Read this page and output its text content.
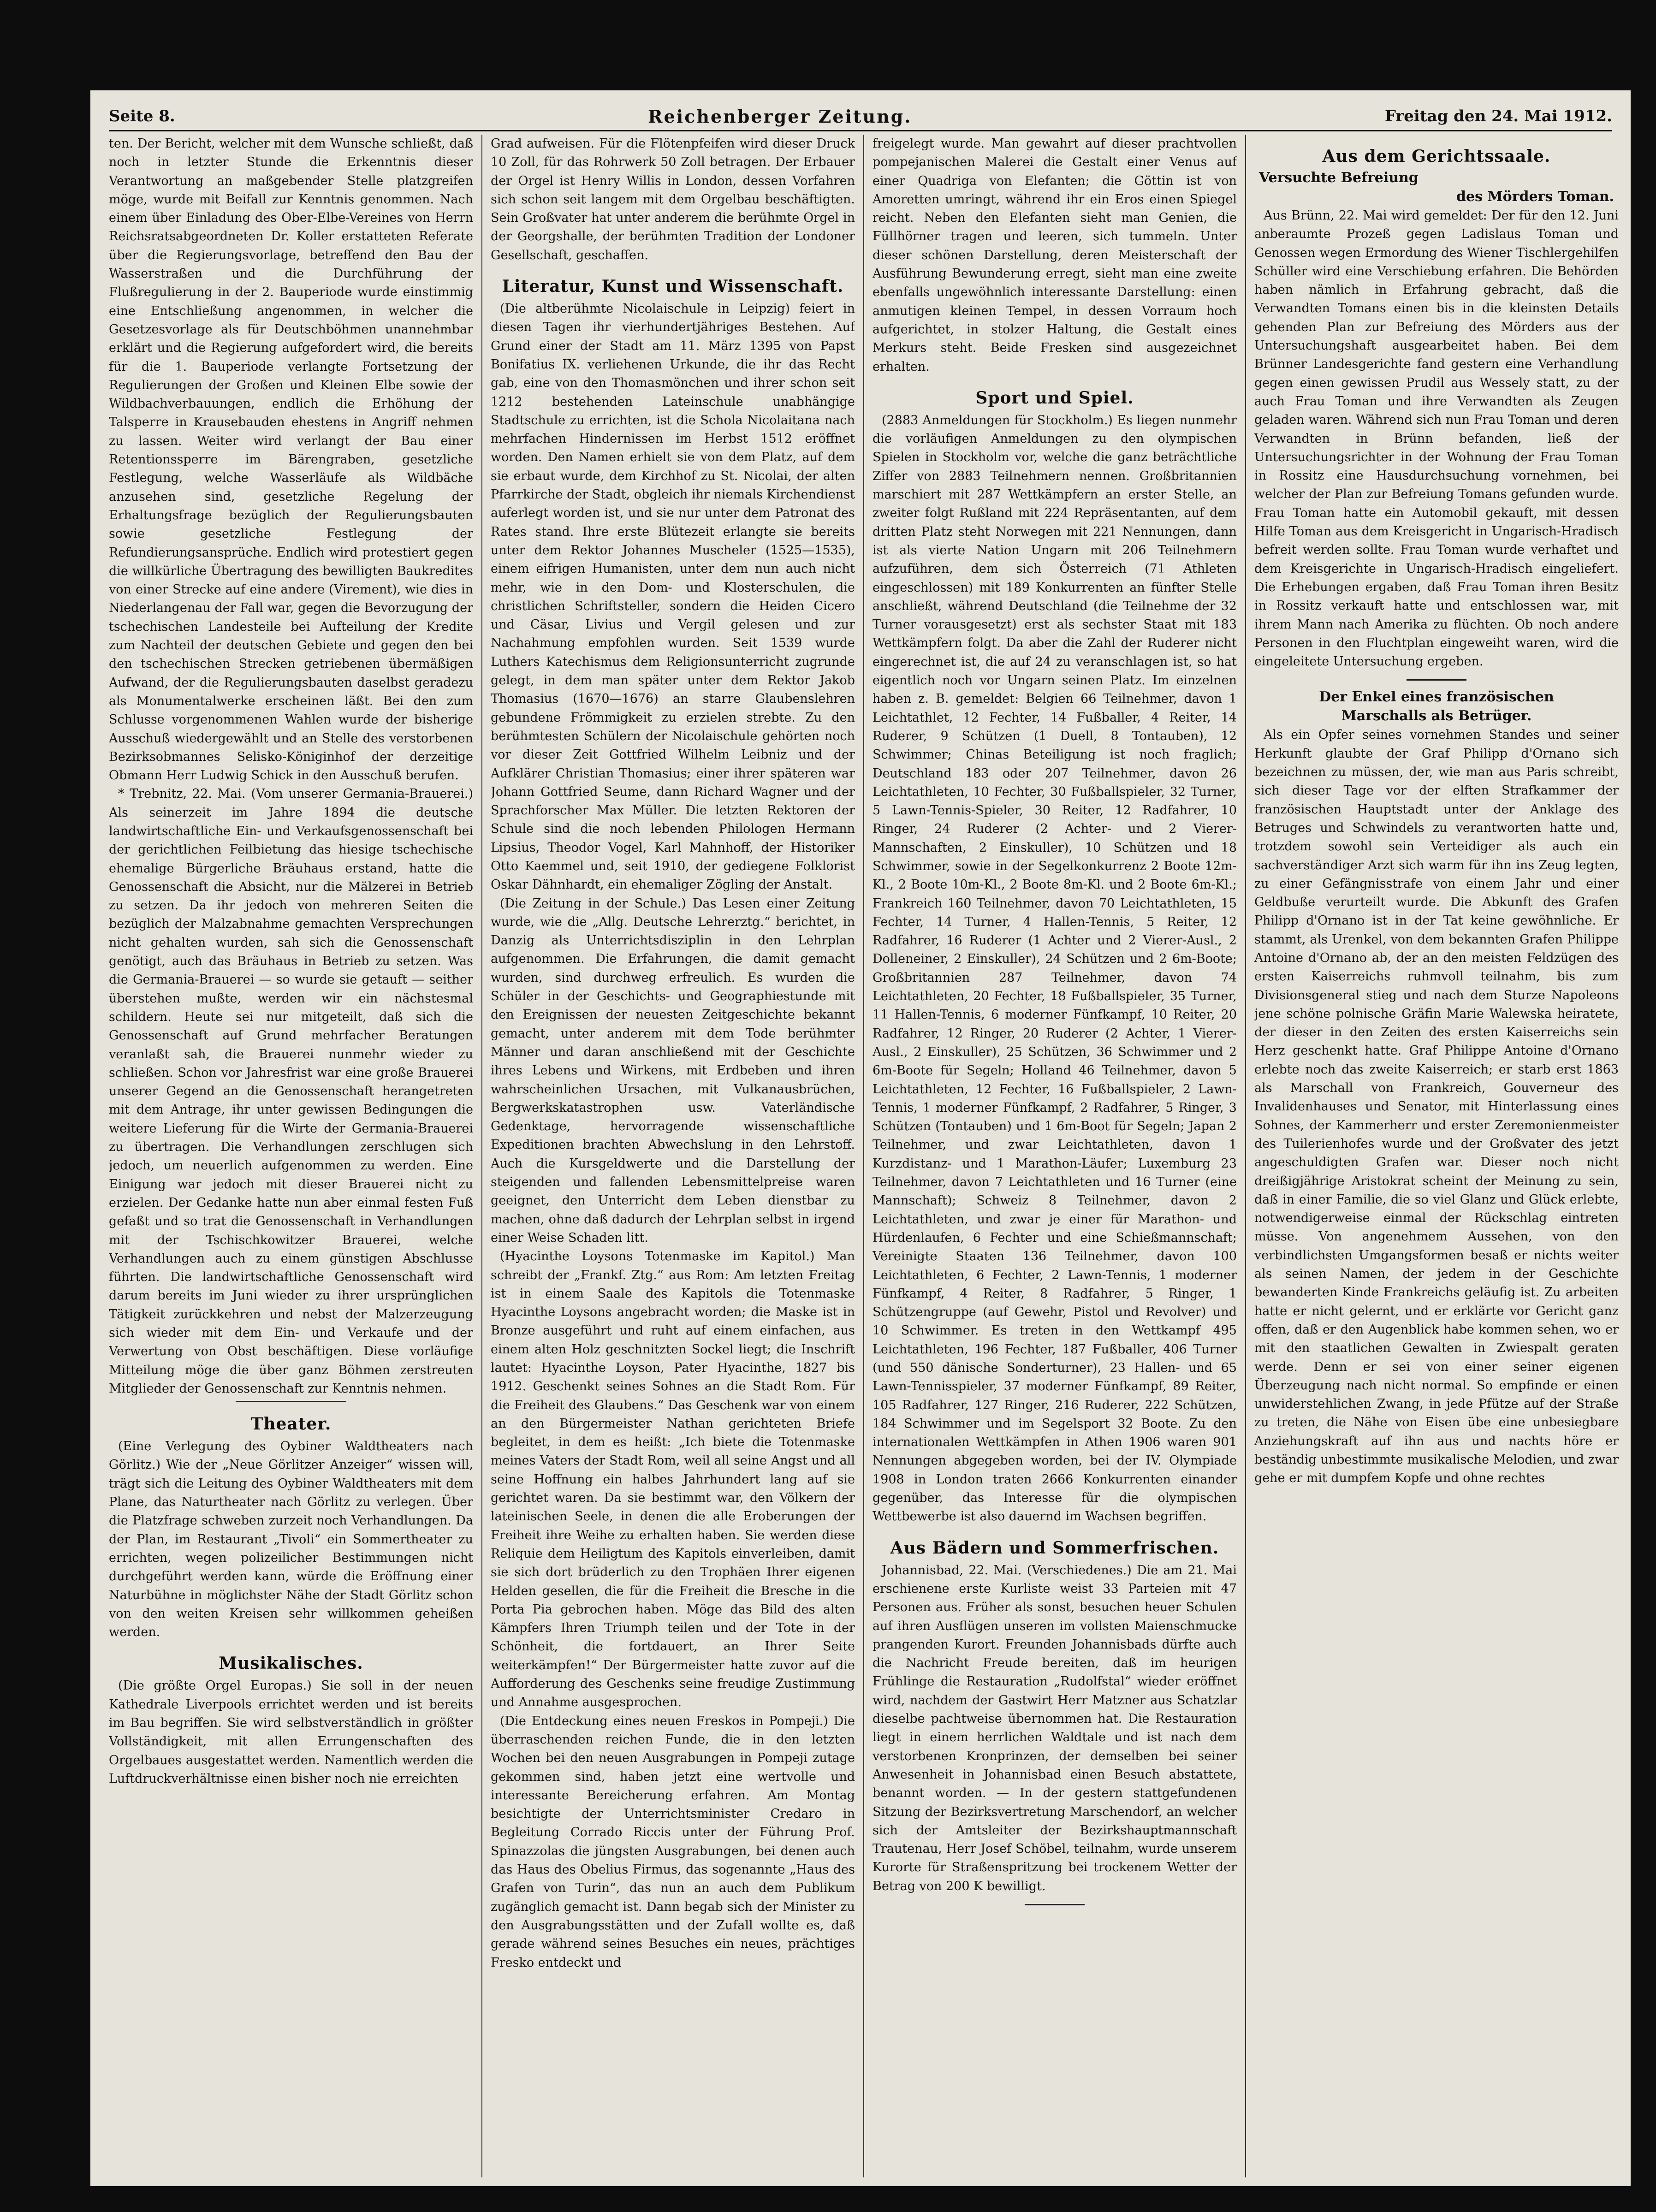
Seite 8.	Reichenberger Zeitung.	Freitag den 24. Mai 1912.

ten. Der Bericht, welcher mit dem Wunsche schließt, daß noch in letzter Stunde die Erkenntnis dieser Verantwortung an maßgebender Stelle platzgreifen möge, wurde mit Beifall zur Kenntnis genommen. Nach einem über Einladung des Ober-Elbe-Vereines von Herrn Reichsratsabgeordneten Dr. Koller erstatteten Referate über die Regierungsvorlage, betreffend den Bau der Wasserstraßen und die Durchführung der Flußregulierung in der 2. Bauperiode wurde einstimmig eine Entschließung angenommen, in welcher die Gesetzesvorlage als für Deutschböhmen unannehmbar erklärt und die Regierung aufgefordert wird, die bereits für die 1. Bauperiode verlangte Fortsetzung der Regulierungen der Großen und Kleinen Elbe sowie der Wildbachverbauungen, endlich die Erhöhung der Talsperre in Krausebauden ehestens in Angriff nehmen zu lassen. Weiter wird verlangt der Bau einer Retentionssperre im Bärengraben, gesetzliche Festlegung, welche Wasserläufe als Wildbäche anzusehen sind, gesetzliche Regelung der Erhaltungsfrage bezüglich der Regulierungsbauten sowie gesetzliche Festlegung der Refundierungsansprüche. Endlich wird protestiert gegen die willkürliche Übertragung des bewilligten Baukredites von einer Strecke auf eine andere (Virement), wie dies in Niederlangenau der Fall war, gegen die Bevorzugung der tschechischen Landesteile bei Aufteilung der Kredite zum Nachteil der deutschen Gebiete und gegen den bei den tschechischen Strecken getriebenen übermäßigen Aufwand, der die Regulierungsbauten daselbst geradezu als Monumentalwerke erscheinen läßt. Bei den zum Schlusse vorgenommenen Wahlen wurde der bisherige Ausschuß wiedergewählt und an Stelle des verstorbenen Bezirksobmannes Selisko-Königinhof der derzeitige Obmann Herr Ludwig Schick in den Ausschuß berufen.

* Trebnitz, 22. Mai. (Vom unserer Germania-Brauerei.) Als seinerzeit im Jahre 1894 die deutsche landwirtschaftliche Ein- und Verkaufsgenossenschaft bei der gerichtlichen Feilbietung das hiesige tschechische ehemalige Bürgerliche Bräuhaus erstand, hatte die Genossenschaft die Absicht, nur die Mälzerei in Betrieb zu setzen. Da ihr jedoch von mehreren Seiten die bezüglich der Malzabnahme gemachten Versprechungen nicht gehalten wurden, sah sich die Genossenschaft genötigt, auch das Bräuhaus in Betrieb zu setzen. Was die Germania-Brauerei — so wurde sie getauft — seither überstehen mußte, werden wir ein nächstesmal schildern. Heute sei nur mitgeteilt, daß sich die Genossenschaft auf Grund mehrfacher Beratungen veranlaßt sah, die Brauerei nunmehr wieder zu schließen. Schon vor Jahresfrist war eine große Brauerei unserer Gegend an die Genossenschaft herangetreten mit dem Antrage, ihr unter gewissen Bedingungen die weitere Lieferung für die Wirte der Germania-Brauerei zu übertragen. Die Verhandlungen zerschlugen sich jedoch, um neuerlich aufgenommen zu werden. Eine Einigung war jedoch mit dieser Brauerei nicht zu erzielen. Der Gedanke hatte nun aber einmal festen Fuß gefaßt und so trat die Genossenschaft in Verhandlungen mit der Tschischkowitzer Brauerei, welche Verhandlungen auch zu einem günstigen Abschlusse führten. Die landwirtschaftliche Genossenschaft wird darum bereits im Juni wieder zu ihrer ursprünglichen Tätigkeit zurückkehren und nebst der Malzerzeugung sich wieder mit dem Ein- und Verkaufe und der Verwertung von Obst beschäftigen. Diese vorläufige Mitteilung möge die über ganz Böhmen zerstreuten Mitglieder der Genossenschaft zur Kenntnis nehmen.

Theater.

(Eine Verlegung des Oybiner Waldtheaters nach Görlitz.) Wie der „Neue Görlitzer Anzeiger“ wissen will, trägt sich die Leitung des Oybiner Waldtheaters mit dem Plane, das Naturtheater nach Görlitz zu verlegen. Über die Platzfrage schweben zurzeit noch Verhandlungen. Da der Plan, im Restaurant „Tivoli“ ein Sommertheater zu errichten, wegen polizeilicher Bestimmungen nicht durchgeführt werden kann, würde die Eröffnung einer Naturbühne in möglichster Nähe der Stadt Görlitz schon von den weiten Kreisen sehr willkommen geheißen werden.

Musikalisches.

(Die größte Orgel Europas.) Sie soll in der neuen Kathedrale Liverpools errichtet werden und ist bereits im Bau begriffen. Sie wird selbstverständlich in größter Vollständigkeit, mit allen Errungenschaften des Orgelbaues ausgestattet werden. Namentlich werden die Luftdruckverhältnisse einen bisher noch nie erreichten

Grad aufweisen. Für die Flötenpfeifen wird dieser Druck 10 Zoll, für das Rohrwerk 50 Zoll betragen. Der Erbauer der Orgel ist Henry Willis in London, dessen Vorfahren sich schon seit langem mit dem Orgelbau beschäftigten. Sein Großvater hat unter anderem die berühmte Orgel in der Georgshalle, der berühmten Tradition der Londoner Gesellschaft, geschaffen.

Literatur, Kunst und Wissenschaft.

(Die altberühmte Nicolaischule in Leipzig) feiert in diesen Tagen ihr vierhundertjähriges Bestehen. Auf Grund einer der Stadt am 11. März 1395 von Papst Bonifatius IX. verliehenen Urkunde, die ihr das Recht gab, eine von den Thomasmönchen und ihrer schon seit 1212 bestehenden Lateinschule unabhängige Stadtschule zu errichten, ist die Schola Nicolaitana nach mehrfachen Hindernissen im Herbst 1512 eröffnet worden. Den Namen erhielt sie von dem Platz, auf dem sie erbaut wurde, dem Kirchhof zu St. Nicolai, der alten Pfarrkirche der Stadt, obgleich ihr niemals Kirchendienst auferlegt worden ist, und sie nur unter dem Patronat des Rates stand. Ihre erste Blütezeit erlangte sie bereits unter dem Rektor Johannes Muscheler (1525—1535), einem eifrigen Humanisten, unter dem nun auch nicht mehr, wie in den Dom- und Klosterschulen, die christlichen Schriftsteller, sondern die Heiden Cicero und Cäsar, Livius und Vergil gelesen und zur Nachahmung empfohlen wurden. Seit 1539 wurde Luthers Katechismus dem Religionsunterricht zugrunde gelegt, in dem man später unter dem Rektor Jakob Thomasius (1670—1676) an starre Glaubenslehren gebundene Frömmigkeit zu erzielen strebte. Zu den berühmtesten Schülern der Nicolaischule gehörten noch vor dieser Zeit Gottfried Wilhelm Leibniz und der Aufklärer Christian Thomasius; einer ihrer späteren war Johann Gottfried Seume, dann Richard Wagner und der Sprachforscher Max Müller. Die letzten Rektoren der Schule sind die noch lebenden Philologen Hermann Lipsius, Theodor Vogel, Karl Mahnhoff, der Historiker Otto Kaemmel und, seit 1910, der gediegene Folklorist Oskar Dähnhardt, ein ehemaliger Zögling der Anstalt.

(Die Zeitung in der Schule.) Das Lesen einer Zeitung wurde, wie die „Allg. Deutsche Lehrerztg.“ berichtet, in Danzig als Unterrichtsdisziplin in den Lehrplan aufgenommen. Die Erfahrungen, die damit gemacht wurden, sind durchweg erfreulich. Es wurden die Schüler in der Geschichts- und Geographiestunde mit den Ereignissen der neuesten Zeitgeschichte bekannt gemacht, unter anderem mit dem Tode berühmter Männer und daran anschließend mit der Geschichte ihres Lebens und Wirkens, mit Erdbeben und ihren wahrscheinlichen Ursachen, mit Vulkanausbrüchen, Bergwerkskatastrophen usw. Vaterländische Gedenktage, hervorragende wissenschaftliche Expeditionen brachten Abwechslung in den Lehrstoff. Auch die Kursgeldwerte und die Darstellung der steigenden und fallenden Lebensmittelpreise waren geeignet, den Unterricht dem Leben dienstbar zu machen, ohne daß dadurch der Lehrplan selbst in irgend einer Weise Schaden litt.

(Hyacinthe Loysons Totenmaske im Kapitol.) Man schreibt der „Frankf. Ztg.“ aus Rom: Am letzten Freitag ist in einem Saale des Kapitols die Totenmaske Hyacinthe Loysons angebracht worden; die Maske ist in Bronze ausgeführt und ruht auf einem einfachen, aus einem alten Holz geschnitzten Sockel liegt; die Inschrift lautet: Hyacinthe Loyson, Pater Hyacinthe, 1827 bis 1912. Geschenkt seines Sohnes an die Stadt Rom. Für die Freiheit des Glaubens.“ Das Geschenk war von einem an den Bürgermeister Nathan gerichteten Briefe begleitet, in dem es heißt: „Ich biete die Totenmaske meines Vaters der Stadt Rom, weil all seine Angst und all seine Hoffnung ein halbes Jahrhundert lang auf sie gerichtet waren. Da sie bestimmt war, den Völkern der lateinischen Seele, in denen die alle Eroberungen der Freiheit ihre Weihe zu erhalten haben. Sie werden diese Reliquie dem Heiligtum des Kapitols einverleiben, damit sie sich dort brüderlich zu den Trophäen Ihrer eigenen Helden gesellen, die für die Freiheit die Bresche in die Porta Pia gebrochen haben. Möge das Bild des alten Kämpfers Ihren Triumph teilen und der Tote in der Schönheit, die fortdauert, an Ihrer Seite weiterkämpfen!“ Der Bürgermeister hatte zuvor auf die Aufforderung des Geschenks seine freudige Zustimmung und Annahme ausgesprochen.

(Die Entdeckung eines neuen Freskos in Pompeji.) Die überraschenden reichen Funde, die in den letzten Wochen bei den neuen Ausgrabungen in Pompeji zutage gekommen sind, haben jetzt eine wertvolle und interessante Bereicherung erfahren. Am Montag besichtigte der Unterrichtsminister Credaro in Begleitung Corrado Riccis unter der Führung Prof. Spinazzolas die jüngsten Ausgrabungen, bei denen auch das Haus des Obelius Firmus, das sogenannte „Haus des Grafen von Turin“, das nun an auch dem Publikum zugänglich gemacht ist. Dann begab sich der Minister zu den Ausgrabungsstätten und der Zufall wollte es, daß gerade während seines Besuches ein neues, prächtiges Fresko entdeckt und

freigelegt wurde. Man gewahrt auf dieser prachtvollen pompejanischen Malerei die Gestalt einer Venus auf einer Quadriga von Elefanten; die Göttin ist von Amoretten umringt, während ihr ein Eros einen Spiegel reicht. Neben den Elefanten sieht man Genien, die Füllhörner tragen und leeren, sich tummeln. Unter dieser schönen Darstellung, deren Meisterschaft der Ausführung Bewunderung erregt, sieht man eine zweite ebenfalls ungewöhnlich interessante Darstellung: einen anmutigen kleinen Tempel, in dessen Vorraum hoch aufgerichtet, in stolzer Haltung, die Gestalt eines Merkurs steht. Beide Fresken sind ausgezeichnet erhalten.

Sport und Spiel.

(2883 Anmeldungen für Stockholm.) Es liegen nunmehr die vorläufigen Anmeldungen zu den olympischen Spielen in Stockholm vor, welche die ganz beträchtliche Ziffer von 2883 Teilnehmern nennen. Großbritannien marschiert mit 287 Wettkämpfern an erster Stelle, an zweiter folgt Rußland mit 224 Repräsentanten, auf dem dritten Platz steht Norwegen mit 221 Nennungen, dann ist als vierte Nation Ungarn mit 206 Teilnehmern aufzuführen, dem sich Österreich (71 Athleten eingeschlossen) mit 189 Konkurrenten an fünfter Stelle anschließt, während Deutschland (die Teilnehme der 32 Turner vorausgesetzt) erst als sechster Staat mit 183 Wettkämpfern folgt. Da aber die Zahl der Ruderer nicht eingerechnet ist, die auf 24 zu veranschlagen ist, so hat eigentlich noch vor Ungarn seinen Platz. Im einzelnen haben z. B. gemeldet: Belgien 66 Teilnehmer, davon 1 Leichtathlet, 12 Fechter, 14 Fußballer, 4 Reiter, 14 Ruderer, 9 Schützen (1 Duell, 8 Tontauben), 12 Schwimmer; Chinas Beteiligung ist noch fraglich; Deutschland 183 oder 207 Teilnehmer, davon 26 Leichtathleten, 10 Fechter, 30 Fußballspieler, 32 Turner, 5 Lawn-Tennis-Spieler, 30 Reiter, 12 Radfahrer, 10 Ringer, 24 Ruderer (2 Achter- und 2 Vierer-Mannschaften, 2 Einskuller), 10 Schützen und 18 Schwimmer, sowie in der Segelkonkurrenz 2 Boote 12m-Kl., 2 Boote 10m-Kl., 2 Boote 8m-Kl. und 2 Boote 6m-Kl.; Frankreich 160 Teilnehmer, davon 70 Leichtathleten, 15 Fechter, 14 Turner, 4 Hallen-Tennis, 5 Reiter, 12 Radfahrer, 16 Ruderer (1 Achter und 2 Vierer-Ausl., 2 Dolleneiner, 2 Einskuller), 24 Schützen und 2 6m-Boote; Großbritannien 287 Teilnehmer, davon 74 Leichtathleten, 20 Fechter, 18 Fußballspieler, 35 Turner, 11 Hallen-Tennis, 6 moderner Fünfkampf, 10 Reiter, 20 Radfahrer, 12 Ringer, 20 Ruderer (2 Achter, 1 Vierer-Ausl., 2 Einskuller), 25 Schützen, 36 Schwimmer und 2 6m-Boote für Segeln; Holland 46 Teilnehmer, davon 5 Leichtathleten, 12 Fechter, 16 Fußballspieler, 2 Lawn-Tennis, 1 moderner Fünfkampf, 2 Radfahrer, 5 Ringer, 3 Schützen (Tontauben) und 1 6m-Boot für Segeln; Japan 2 Teilnehmer, und zwar Leichtathleten, davon 1 Kurzdistanz- und 1 Marathon-Läufer; Luxemburg 23 Teilnehmer, davon 7 Leichtathleten und 16 Turner (eine Mannschaft); Schweiz 8 Teilnehmer, davon 2 Leichtathleten, und zwar je einer für Marathon- und Hürdenlaufen, 6 Fechter und eine Schießmannschaft; Vereinigte Staaten 136 Teilnehmer, davon 100 Leichtathleten, 6 Fechter, 2 Lawn-Tennis, 1 moderner Fünfkampf, 4 Reiter, 8 Radfahrer, 5 Ringer, 1 Schützengruppe (auf Gewehr, Pistol und Revolver) und 10 Schwimmer. Es treten in den Wettkampf 495 Leichtathleten, 196 Fechter, 187 Fußballer, 406 Turner (und 550 dänische Sonderturner), 23 Hallen- und 65 Lawn-Tennisspieler, 37 moderner Fünfkampf, 89 Reiter, 105 Radfahrer, 127 Ringer, 216 Ruderer, 222 Schützen, 184 Schwimmer und im Segelsport 32 Boote. Zu den internationalen Wettkämpfen in Athen 1906 waren 901 Nennungen abgegeben worden, bei der IV. Olympiade 1908 in London traten 2666 Konkurrenten einander gegenüber, das Interesse für die olympischen Wettbewerbe ist also dauernd im Wachsen begriffen.

Aus Bädern und Sommerfrischen.

Johannisbad, 22. Mai. (Verschiedenes.) Die am 21. Mai erschienene erste Kurliste weist 33 Parteien mit 47 Personen aus. Früher als sonst, besuchen heuer Schulen auf ihren Ausflügen unseren im vollsten Maienschmucke prangenden Kurort. Freunden Johannisbads dürfte auch die Nachricht Freude bereiten, daß im heurigen Frühlinge die Restauration „Rudolfstal“ wieder eröffnet wird, nachdem der Gastwirt Herr Matzner aus Schatzlar dieselbe pachtweise übernommen hat. Die Restauration liegt in einem herrlichen Waldtale und ist nach dem verstorbenen Kronprinzen, der demselben bei seiner Anwesenheit in Johannisbad einen Besuch abstattete, benannt worden. — In der gestern stattgefundenen Sitzung der Bezirksvertretung Marschendorf, an welcher sich der Amtsleiter der Bezirkshauptmannschaft Trautenau, Herr Josef Schöbel, teilnahm, wurde unserem Kurorte für Straßenspritzung bei trockenem Wetter der Betrag von 200 K bewilligt.

Aus dem Gerichtssaale.
Versuchte Befreiung
des Mörders Toman.

Aus Brünn, 22. Mai wird gemeldet: Der für den 12. Juni anberaumte Prozeß gegen Ladislaus Toman und Genossen wegen Ermordung des Wiener Tischlergehilfen Schüller wird eine Verschiebung erfahren. Die Behörden haben nämlich in Erfahrung gebracht, daß die Verwandten Tomans einen bis in die kleinsten Details gehenden Plan zur Befreiung des Mörders aus der Untersuchungshaft ausgearbeitet haben. Bei dem Brünner Landesgerichte fand gestern eine Verhandlung gegen einen gewissen Prudil aus Wessely statt, zu der auch Frau Toman und ihre Verwandten als Zeugen geladen waren. Während sich nun Frau Toman und deren Verwandten in Brünn befanden, ließ der Untersuchungsrichter in der Wohnung der Frau Toman in Rossitz eine Hausdurchsuchung vornehmen, bei welcher der Plan zur Befreiung Tomans gefunden wurde. Frau Toman hatte ein Automobil gekauft, mit dessen Hilfe Toman aus dem Kreisgericht in Ungarisch-Hradisch befreit werden sollte. Frau Toman wurde verhaftet und dem Kreisgerichte in Ungarisch-Hradisch eingeliefert. Die Erhebungen ergaben, daß Frau Toman ihren Besitz in Rossitz verkauft hatte und entschlossen war, mit ihrem Mann nach Amerika zu flüchten. Ob noch andere Personen in den Fluchtplan eingeweiht waren, wird die eingeleitete Untersuchung ergeben.

Der Enkel eines französischen
Marschalls als Betrüger.

Als ein Opfer seines vornehmen Standes und seiner Herkunft glaubte der Graf Philipp d'Ornano sich bezeichnen zu müssen, der, wie man aus Paris schreibt, sich dieser Tage vor der elften Strafkammer der französischen Hauptstadt unter der Anklage des Betruges und Schwindels zu verantworten hatte und, trotzdem sowohl sein Verteidiger als auch ein sachverständiger Arzt sich warm für ihn ins Zeug legten, zu einer Gefängnisstrafe von einem Jahr und einer Geldbuße verurteilt wurde. Die Abkunft des Grafen Philipp d'Ornano ist in der Tat keine gewöhnliche. Er stammt, als Urenkel, von dem bekannten Grafen Philippe Antoine d'Ornano ab, der an den meisten Feldzügen des ersten Kaiserreichs ruhmvoll teilnahm, bis zum Divisionsgeneral stieg und nach dem Sturze Napoleons jene schöne polnische Gräfin Marie Walewska heiratete, der dieser in den Zeiten des ersten Kaiserreichs sein Herz geschenkt hatte. Graf Philippe Antoine d'Ornano erlebte noch das zweite Kaiserreich; er starb erst 1863 als Marschall von Frankreich, Gouverneur des Invalidenhauses und Senator, mit Hinterlassung eines Sohnes, der Kammerherr und erster Zeremonienmeister des Tuilerienhofes wurde und der Großvater des jetzt angeschuldigten Grafen war. Dieser noch nicht dreißigjährige Aristokrat scheint der Meinung zu sein, daß in einer Familie, die so viel Glanz und Glück erlebte, notwendigerweise einmal der Rückschlag eintreten müsse. Von angenehmem Aussehen, von den verbindlichsten Umgangsformen besaß er nichts weiter als seinen Namen, der jedem in der Geschichte bewanderten Kinde Frankreichs geläufig ist. Zu arbeiten hatte er nicht gelernt, und er erklärte vor Gericht ganz offen, daß er den Augenblick habe kommen sehen, wo er mit den staatlichen Gewalten in Zwiespalt geraten werde. Denn er sei von einer seiner eigenen Überzeugung nach nicht normal. So empfinde er einen unwiderstehlichen Zwang, in jede Pfütze auf der Straße zu treten, die Nähe von Eisen übe eine unbesiegbare Anziehungskraft auf ihn aus und nachts höre er beständig unbestimmte musikalische Melodien, und zwar gehe er mit dumpfem Kopfe und ohne rechtes
